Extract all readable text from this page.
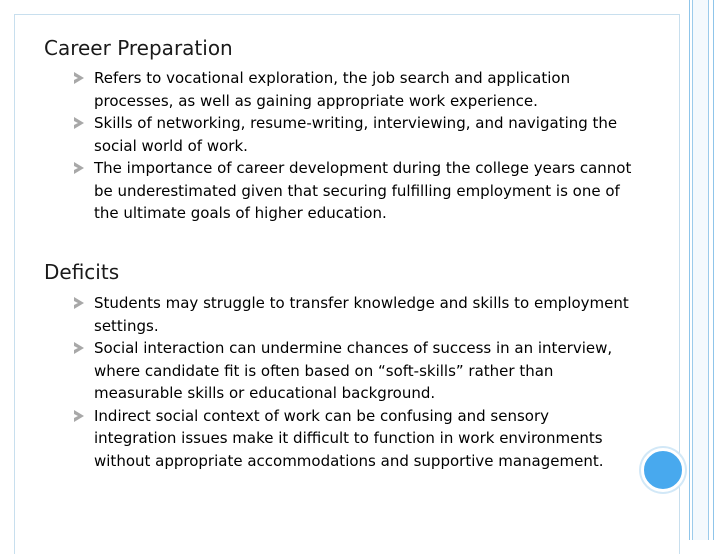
Career Preparation
Refers to vocational exploration, the job search and application processes, as well as gaining appropriate work experience.
Skills of networking, resume-writing, interviewing, and navigating the social world of work.
The importance of career development during the college years cannot be underestimated given that securing fulfilling employment is one of the ultimate goals of higher education.
Deficits
Students may struggle to transfer knowledge and skills to employment settings.
Social interaction can undermine chances of success in an interview, where candidate fit is often based on “soft-skills” rather than measurable skills or educational background.
Indirect social context of work can be confusing and sensory integration issues make it difficult to function in work environments without appropriate accommodations and supportive management.
